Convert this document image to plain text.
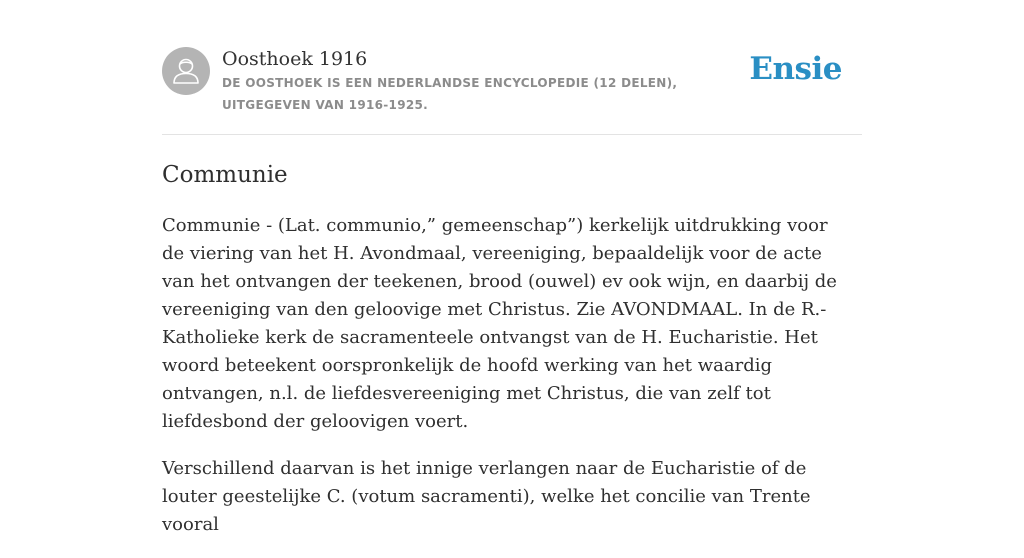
Oosthoek 1916
DE OOSTHOEK IS EEN NEDERLANDSE ENCYCLOPEDIE (12 DELEN), UITGEGEVEN VAN 1916-1925.
Ensie
Communie

Communie - (Lat. communio,” gemeenschap”) kerkelijk uitdrukking voor de viering van het H. Avondmaal, vereeniging, bepaaldelijk voor de acte van het ontvangen der teekenen, brood (ouwel) ev ook wijn, en daarbij de vereeniging van den geloovige met Christus. Zie AVONDMAAL. In de R.-Katholieke kerk de sacramenteele ontvangst van de H. Eucharistie. Het woord beteekent oorspronkelijk de hoofd werking van het waardig ontvangen, n.l. de liefdesvereeniging met Christus, die van zelf tot liefdesbond der geloovigen voert.

Verschillend daarvan is het innige verlangen naar de Eucharistie of de louter geestelijke C. (votum sacramenti), welke het concilie van Trente vooral
